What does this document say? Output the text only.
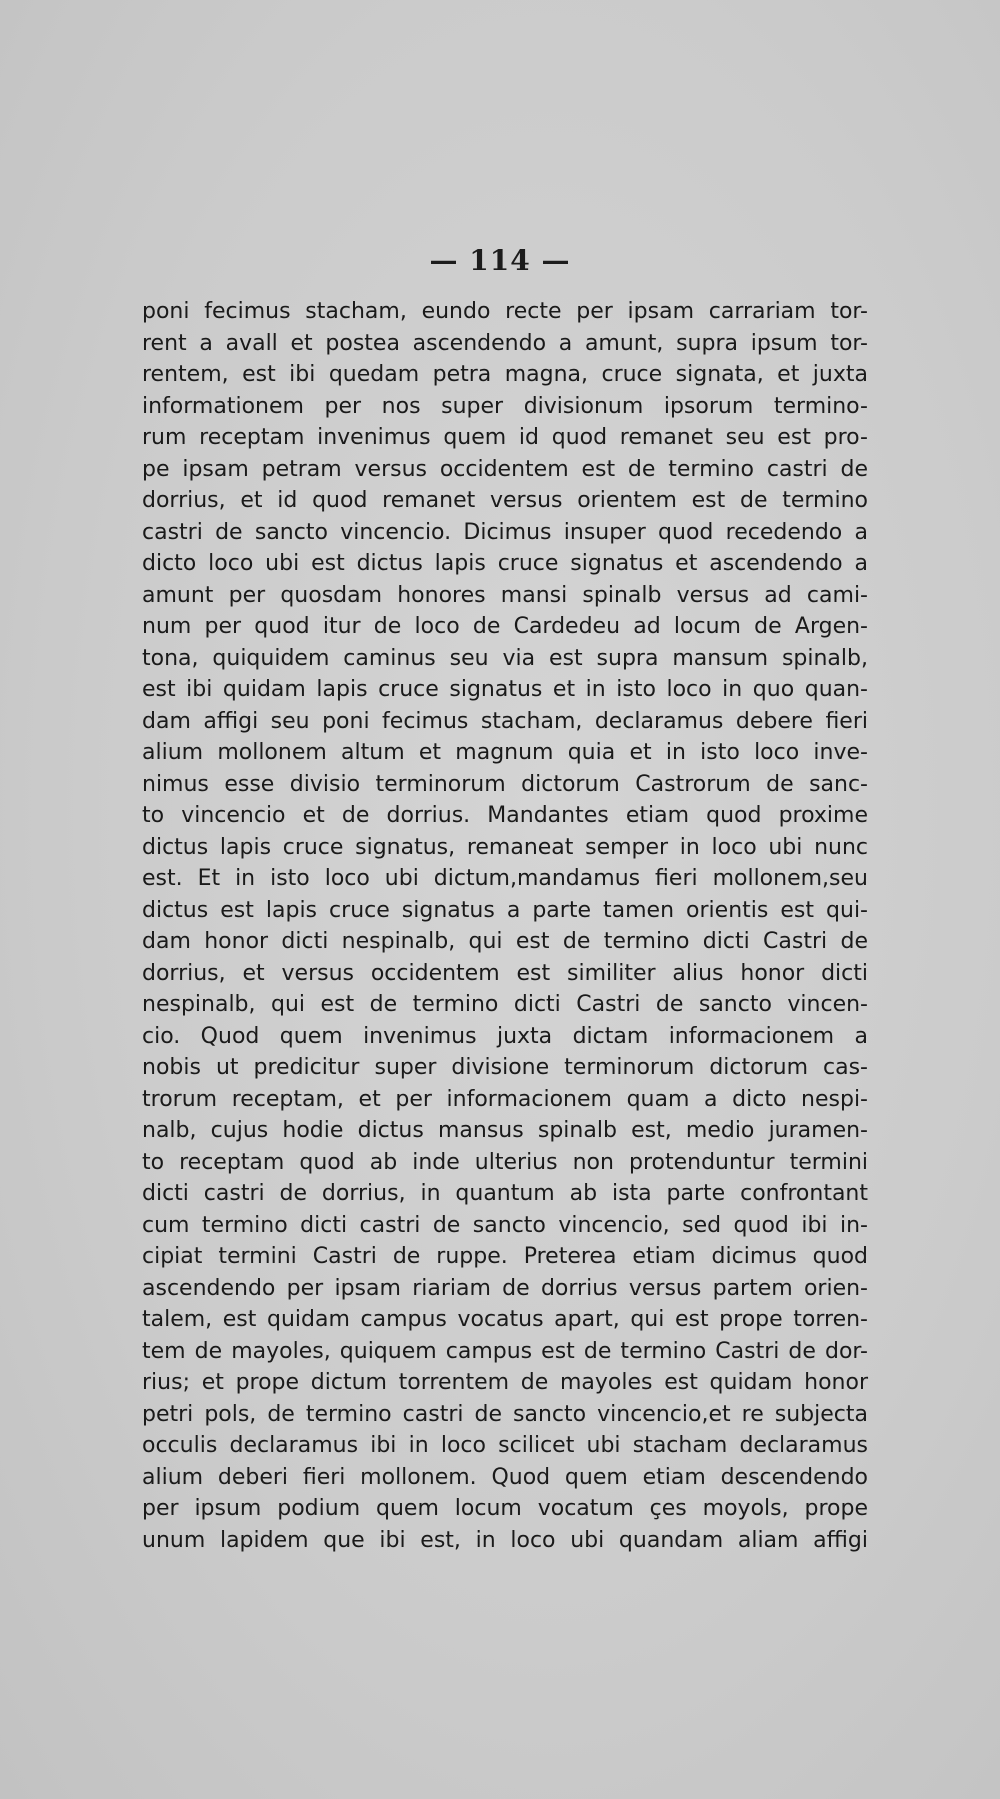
— 114 —
poni fecimus stacham, eundo recte per ipsam carrariam tor-
rent a avall et postea ascendendo a amunt, supra ipsum tor-
rentem, est ibi quedam petra magna, cruce signata, et juxta
informationem per nos super divisionum ipsorum termino-
rum receptam invenimus quem id quod remanet seu est pro-
pe ipsam petram versus occidentem est de termino castri de
dorrius, et id quod remanet versus orientem est de termino
castri de sancto vincencio. Dicimus insuper quod recedendo a
dicto loco ubi est dictus lapis cruce signatus et ascendendo a
amunt per quosdam honores mansi spinalb versus ad cami-
num per quod itur de loco de Cardedeu ad locum de Argen-
tona, quiquidem caminus seu via est supra mansum spinalb,
est ibi quidam lapis cruce signatus et in isto loco in quo quan-
dam affigi seu poni fecimus stacham, declaramus debere fieri
alium mollonem altum et magnum quia et in isto loco inve-
nimus esse divisio terminorum dictorum Castrorum de sanc-
to vincencio et de dorrius. Mandantes etiam quod proxime
dictus lapis cruce signatus, remaneat semper in loco ubi nunc
est. Et in isto loco ubi dictum,mandamus fieri mollonem,seu
dictus est lapis cruce signatus a parte tamen orientis est qui-
dam honor dicti nespinalb, qui est de termino dicti Castri de
dorrius, et versus occidentem est similiter alius honor dicti
nespinalb, qui est de termino dicti Castri de sancto vincen-
cio. Quod quem invenimus juxta dictam informacionem a
nobis ut predicitur super divisione terminorum dictorum cas-
trorum receptam, et per informacionem quam a dicto nespi-
nalb, cujus hodie dictus mansus spinalb est, medio juramen-
to receptam quod ab inde ulterius non protenduntur termini
dicti castri de dorrius, in quantum ab ista parte confrontant
cum termino dicti castri de sancto vincencio, sed quod ibi in-
cipiat termini Castri de ruppe. Preterea etiam dicimus quod
ascendendo per ipsam riariam de dorrius versus partem orien-
talem, est quidam campus vocatus apart, qui est prope torren-
tem de mayoles, quiquem campus est de termino Castri de dor-
rius; et prope dictum torrentem de mayoles est quidam honor
petri pols, de termino castri de sancto vincencio,et re subjecta
occulis declaramus ibi in loco scilicet ubi stacham declaramus
alium deberi fieri mollonem. Quod quem etiam descendendo
per ipsum podium quem locum vocatum çes moyols, prope
unum lapidem que ibi est, in loco ubi quandam aliam affigi
